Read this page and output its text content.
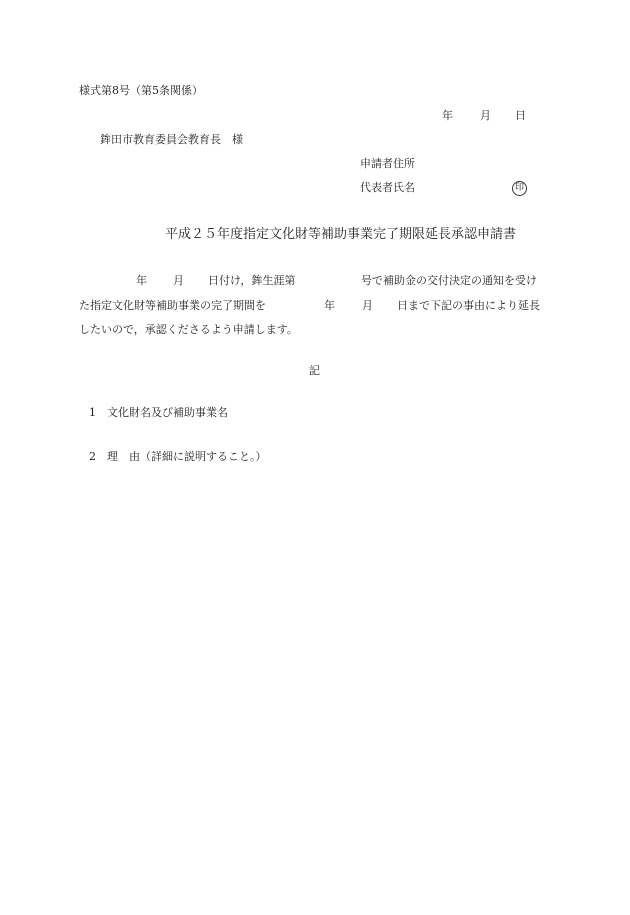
様式第8号（第5条関係）
年 月 日
鉾田市教育委員会教育長　様
申請者住所
代表者氏名	印
平成２５年度指定文化財等補助事業完了期限延長承認申請書
年 月 日付け，鉾生涯第	号で補助金の交付決定の通知を受け
た指定文化財等補助事業の完了期間を	年 月 日まで下記の事由により延長
したいので，承認くださるよう申請します。
記
1 文化財名及び補助事業名
2 理　由（詳細に説明すること。）
